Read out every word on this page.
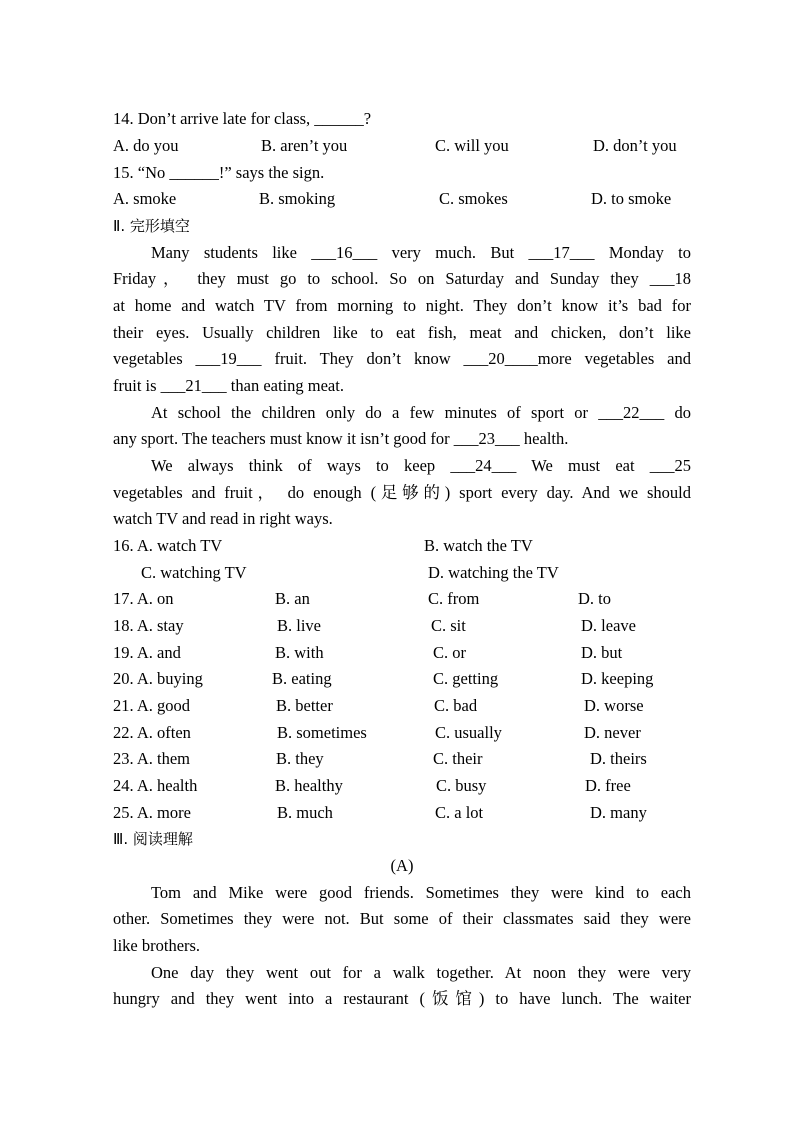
14. Don’t arrive late for class, ______?
A. do you	B. aren’t you	C. will you	D. don’t you
15. “No ______!” says the sign.
A. smoke	B. smoking	C. smokes	D. to smoke
Ⅱ. 完形填空
Many students like ___16___ very much. But ___17___ Monday to
Friday， they must go to school. So on Saturday and Sunday they ___18
at home and watch TV from morning to night. They don’t know it’s bad for
their eyes. Usually children like to eat fish, meat and chicken, don’t like
vegetables ___19___ fruit. They don’t know ___20____more vegetables and
fruit is ___21___ than eating meat.
At school the children only do a few minutes of sport or ___22___ do
any sport. The teachers must know it isn’t good for ___23___ health.
We always think of ways to keep ___24___ We must eat ___25
vegetables and fruit， do enough (足够的) sport every day. And we should
watch TV and read in right ways.
16. A. watch TV	B. watch the TV
C. watching TV	D. watching the TV
17. A. on	B. an	C. from	D. to
18. A. stay	B. live	C. sit	D. leave
19. A. and	B. with	C. or	D. but
20. A. buying	B. eating	C. getting	D. keeping
21. A. good	B. better	C. bad	D. worse
22. A. often	B. sometimes	C. usually	D. never
23. A. them	B. they	C. their	D. theirs
24. A. health	B. healthy	C. busy	D. free
25. A. more	B. much	C. a lot	D. many
Ⅲ. 阅读理解
(A)
Tom and Mike were good friends. Sometimes they were kind to each
other. Sometimes they were not. But some of their classmates said they were
like brothers.
One day they went out for a walk together. At noon they were very
hungry and they went into a restaurant (饭馆) to have lunch. The waiter
